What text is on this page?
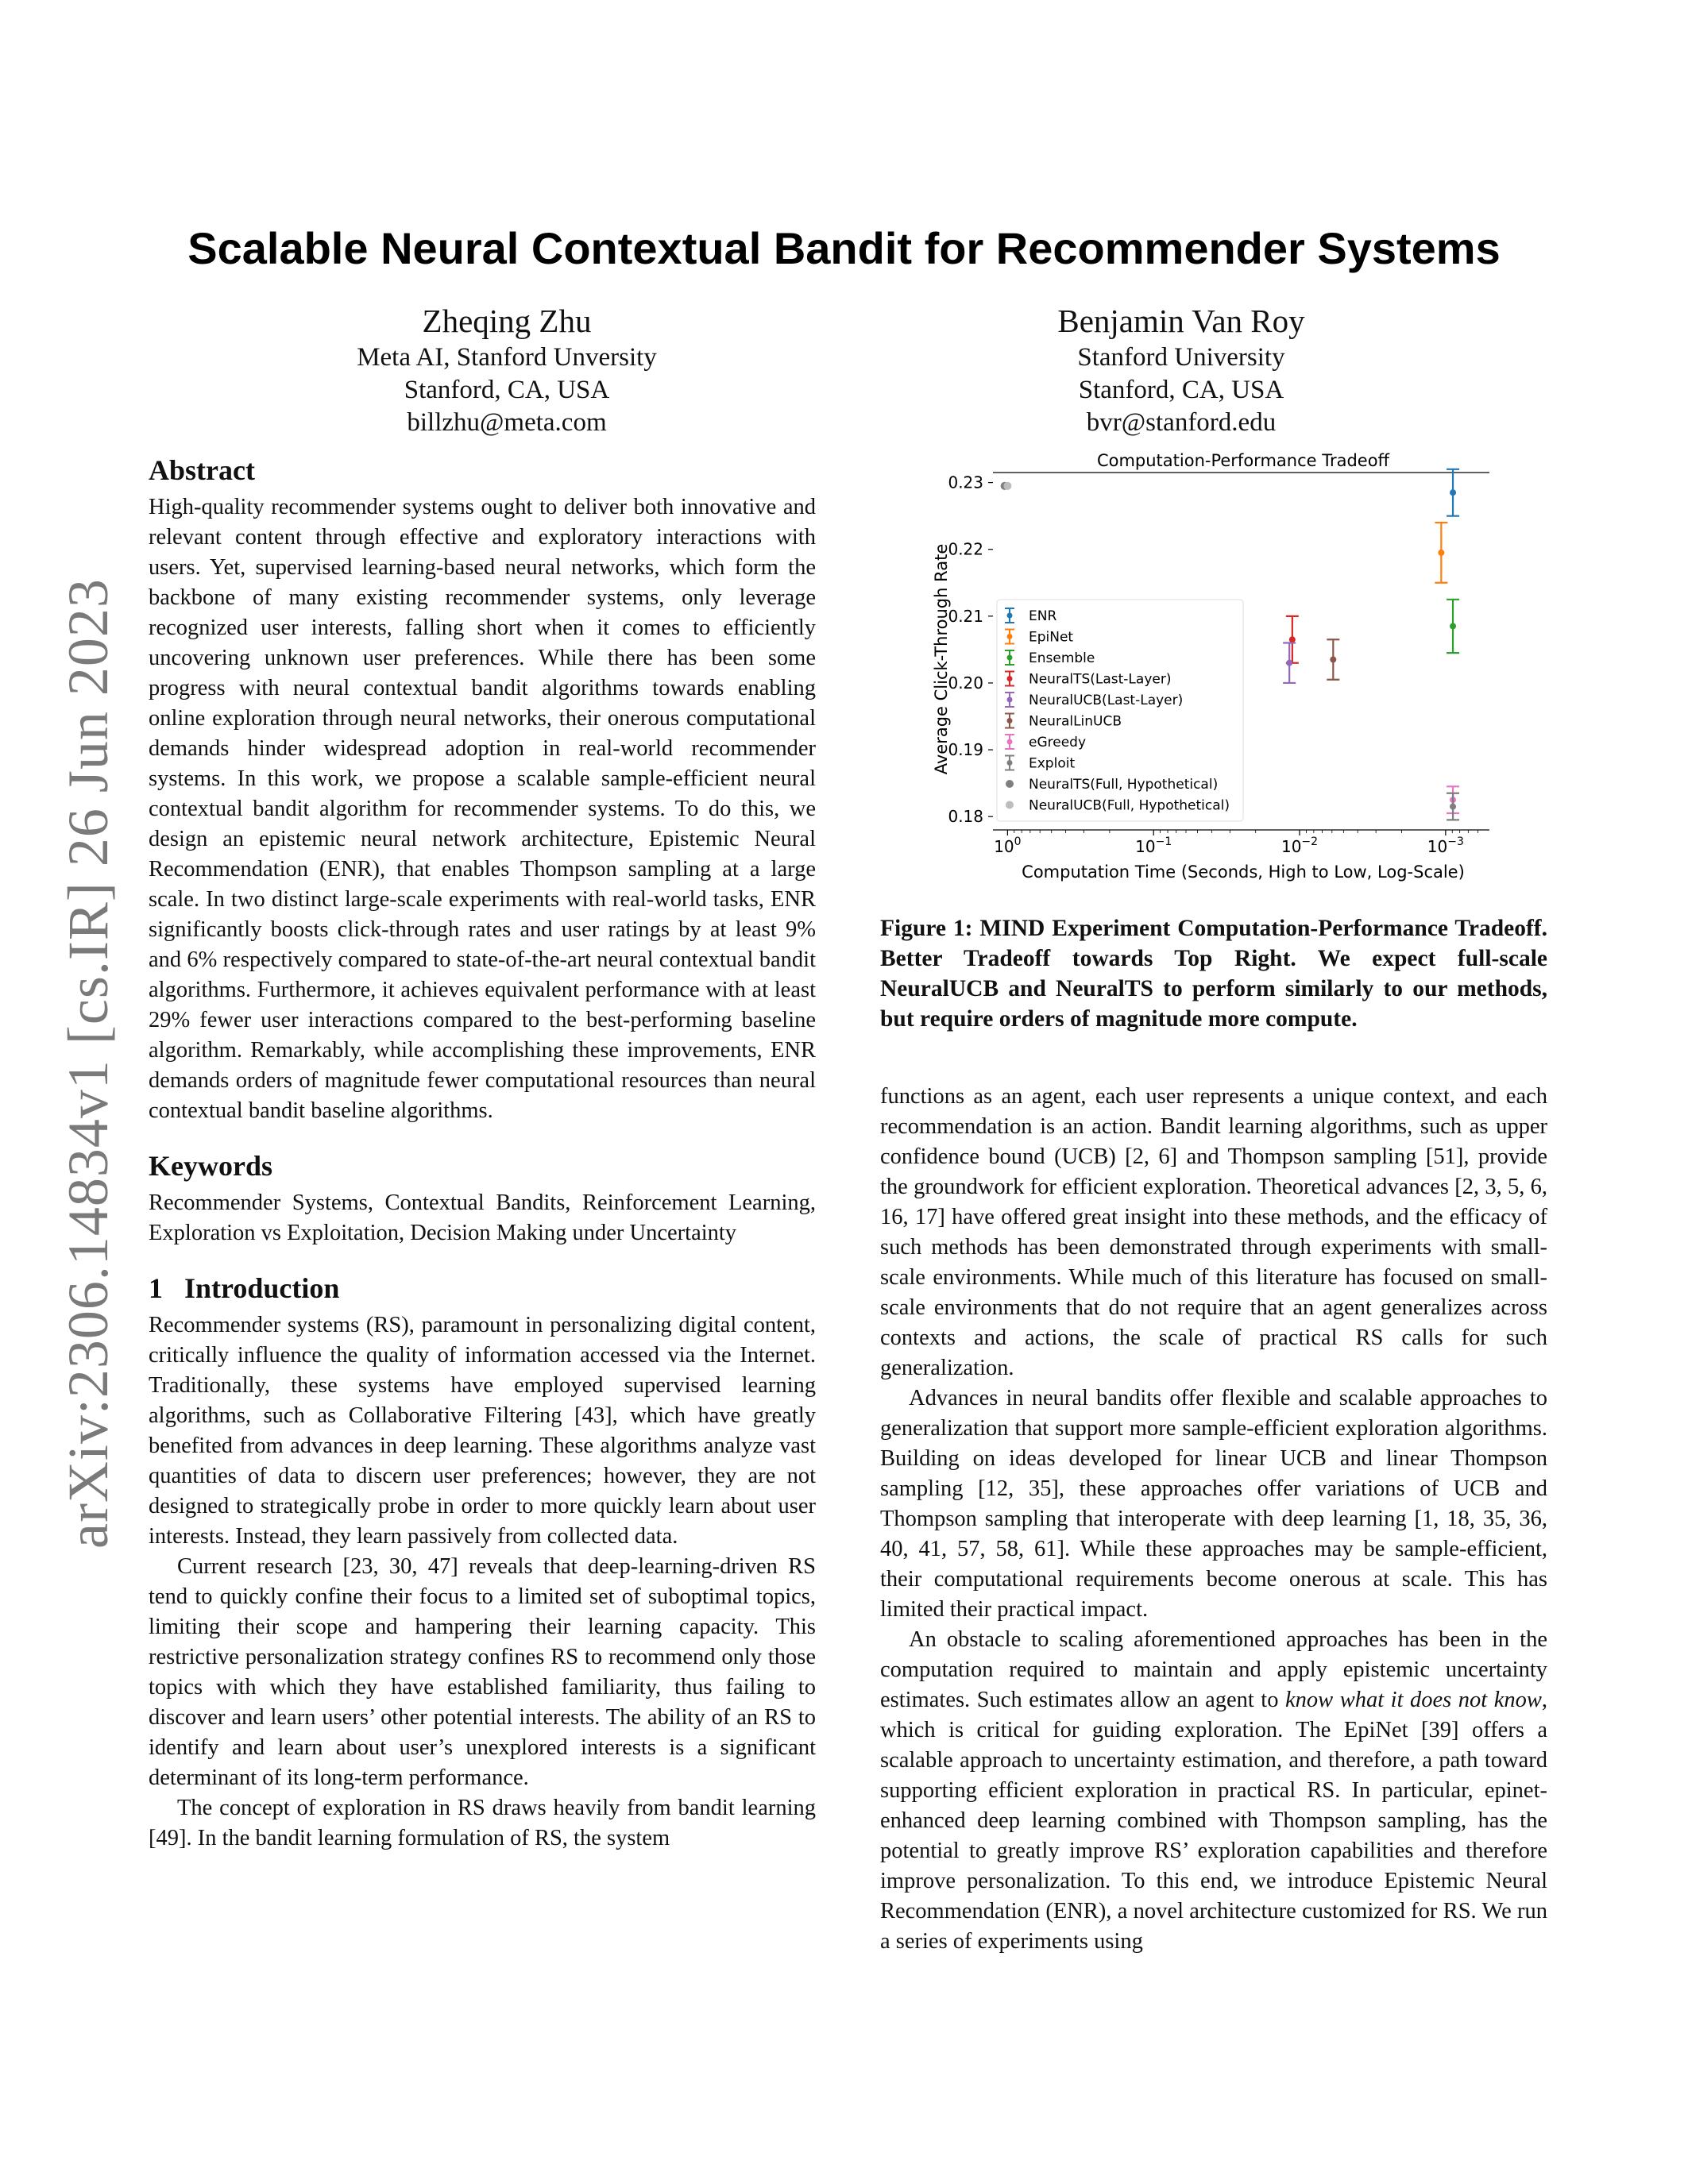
arXiv:2306.14834v1 [cs.IR] 26 Jun 2023
Scalable Neural Contextual Bandit for Recommender Systems
Zheqing Zhu
Meta AI, Stanford Unversity
Stanford, CA, USA
billzhu@meta.com
Benjamin Van Roy
Stanford University
Stanford, CA, USA
bvr@stanford.edu
Abstract

High-quality recommender systems ought to deliver both innovative and relevant content through effective and exploratory interactions with users. Yet, supervised learning-based neural networks, which form the backbone of many existing recommender systems, only leverage recognized user interests, falling short when it comes to efficiently uncovering unknown user preferences. While there has been some progress with neural contextual bandit algorithms towards enabling online exploration through neural networks, their onerous computational demands hinder widespread adoption in real-world recommender systems. In this work, we propose a scalable sample-efficient neural contextual bandit algorithm for recommender systems. To do this, we design an epistemic neural network architecture, Epistemic Neural Recommendation (ENR), that enables Thompson sampling at a large scale. In two distinct large-scale experiments with real-world tasks, ENR significantly boosts click-through rates and user ratings by at least 9% and 6% respectively compared to state-of-the-art neural contextual bandit algorithms. Furthermore, it achieves equivalent performance with at least 29% fewer user interactions compared to the best-performing baseline algorithm. Remarkably, while accomplishing these improvements, ENR demands orders of magnitude fewer computational resources than neural contextual bandit baseline algorithms.

Keywords

Recommender Systems, Contextual Bandits, Reinforcement Learning, Exploration vs Exploitation, Decision Making under Uncertainty

1   Introduction

Recommender systems (RS), paramount in personalizing digital content, critically influence the quality of information accessed via the Internet. Traditionally, these systems have employed supervised learning algorithms, such as Collaborative Filtering [43], which have greatly benefited from advances in deep learning. These algorithms analyze vast quantities of data to discern user preferences; however, they are not designed to strategically probe in order to more quickly learn about user interests. Instead, they learn passively from collected data.

Current research [23, 30, 47] reveals that deep-learning-driven RS tend to quickly confine their focus to a limited set of suboptimal topics, limiting their scope and hampering their learning capacity. This restrictive personalization strategy confines RS to recommend only those topics with which they have established familiarity, thus failing to discover and learn users’ other potential interests. The ability of an RS to identify and learn about user’s unexplored interests is a significant determinant of its long-term performance.

The concept of exploration in RS draws heavily from bandit learning [49]. In the bandit learning formulation of RS, the system

Computation-Performance Tradeoff
0.18
0.19
0.20
0.21
0.22
0.23
$10^0$	$10^{-1}$	$10^{-2}$	$10^{-3}$
ENR
EpiNet
Ensemble
NeuralTS(Last-Layer)
NeuralUCB(Last-Layer)
NeuralLinUCB
eGreedy
Exploit
NeuralTS(Full, Hypothetical)
NeuralUCB(Full, Hypothetical)
Computation Time (Seconds, High to Low, Log-Scale)
Average Click-Through Rate
Figure 1: MIND Experiment Computation-Performance Tradeoff. Better Tradeoff towards Top Right. We expect full-scale NeuralUCB and NeuralTS to perform similarly to our methods, but require orders of magnitude more compute.

functions as an agent, each user represents a unique context, and each recommendation is an action. Bandit learning algorithms, such as upper confidence bound (UCB) [2, 6] and Thompson sampling [51], provide the groundwork for efficient exploration. Theoretical advances [2, 3, 5, 6, 16, 17] have offered great insight into these methods, and the efficacy of such methods has been demonstrated through experiments with small-scale environments. While much of this literature has focused on small-scale environments that do not require that an agent generalizes across contexts and actions, the scale of practical RS calls for such generalization.

Advances in neural bandits offer flexible and scalable approaches to generalization that support more sample-efficient exploration algorithms. Building on ideas developed for linear UCB and linear Thompson sampling [12, 35], these approaches offer variations of UCB and Thompson sampling that interoperate with deep learning [1, 18, 35, 36, 40, 41, 57, 58, 61]. While these approaches may be sample-efficient, their computational requirements become onerous at scale. This has limited their practical impact.

An obstacle to scaling aforementioned approaches has been in the computation required to maintain and apply epistemic uncertainty estimates. Such estimates allow an agent to know what it does not know, which is critical for guiding exploration. The EpiNet [39] offers a scalable approach to uncertainty estimation, and therefore, a path toward supporting efficient exploration in practical RS. In particular, epinet-enhanced deep learning combined with Thompson sampling, has the potential to greatly improve RS’ exploration capabilities and therefore improve personalization. To this end, we introduce Epistemic Neural Recommendation (ENR), a novel architecture customized for RS. We run a series of experiments using
